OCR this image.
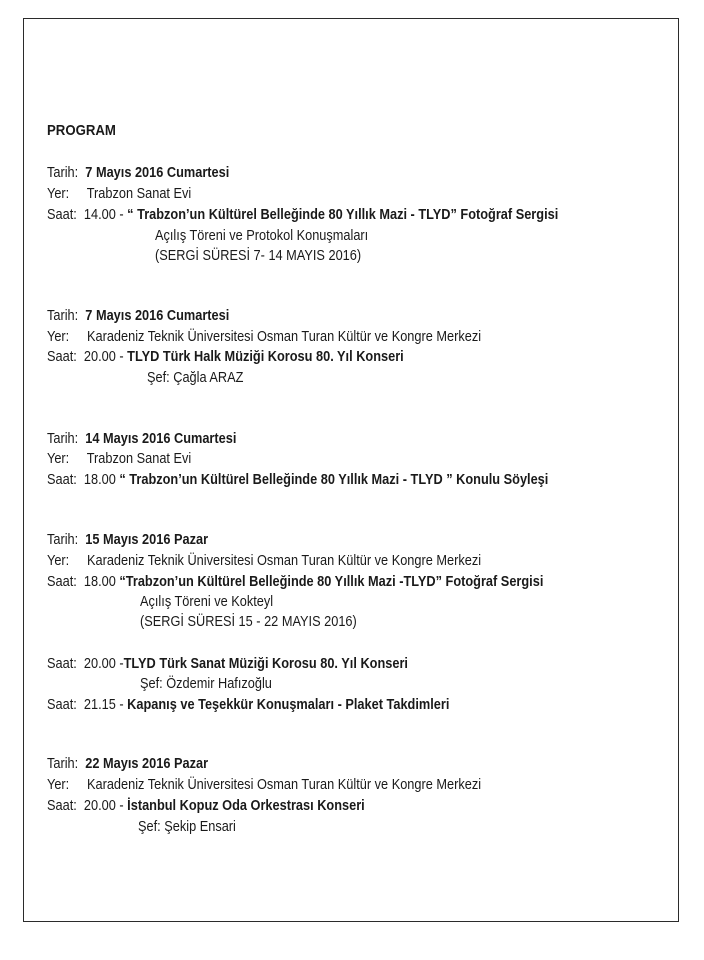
PROGRAM
Tarih: 7 Mayıs 2016 Cumartesi
Yer: Trabzon Sanat Evi
Saat: 14.00 - “ Trabzon’un Kültürel Belleğinde 80 Yıllık Mazi - TLYD” Fotoğraf Sergisi
Açılış Töreni ve Protokol Konuşmaları
(SERGİ SÜRESİ 7- 14 MAYIS 2016)
Tarih: 7 Mayıs 2016 Cumartesi
Yer: Karadeniz Teknik Üniversitesi Osman Turan Kültür ve Kongre Merkezi
Saat: 20.00 - TLYD Türk Halk Müziği Korosu 80. Yıl Konseri
Şef: Çağla ARAZ
Tarih: 14 Mayıs 2016 Cumartesi
Yer: Trabzon Sanat Evi
Saat: 18.00 “ Trabzon’un Kültürel Belleğinde 80 Yıllık Mazi - TLYD ” Konulu Söyleşi
Tarih: 15 Mayıs 2016 Pazar
Yer: Karadeniz Teknik Üniversitesi Osman Turan Kültür ve Kongre Merkezi
Saat: 18.00 “Trabzon’un Kültürel Belleğinde 80 Yıllık Mazi -TLYD” Fotoğraf Sergisi
Açılış Töreni ve Kokteyl
(SERGİ SÜRESİ 15 - 22 MAYIS 2016)
Saat: 20.00 -TLYD Türk Sanat Müziği Korosu 80. Yıl Konseri
Şef: Özdemir Hafızoğlu
Saat: 21.15 - Kapanış ve Teşekkür Konuşmaları - Plaket Takdimleri
Tarih: 22 Mayıs 2016 Pazar
Yer: Karadeniz Teknik Üniversitesi Osman Turan Kültür ve Kongre Merkezi
Saat: 20.00 - İstanbul Kopuz Oda Orkestrası Konseri
Şef: Şekip Ensari
